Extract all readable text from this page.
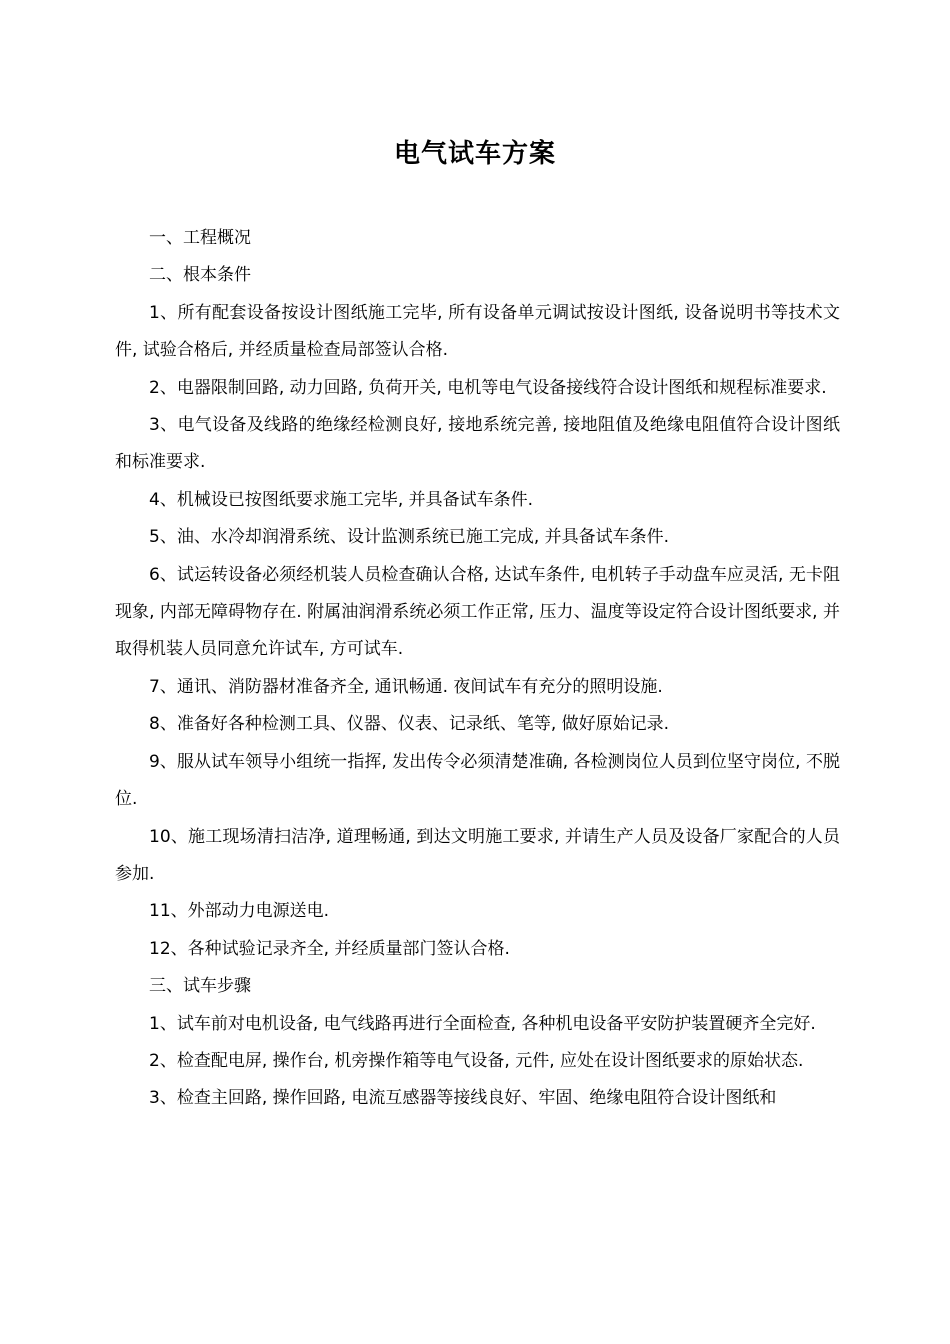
电气试车方案

一、工程概况

二、根本条件

1、所有配套设备按设计图纸施工完毕, 所有设备单元调试按设计图纸, 设备说明书等技术文件, 试验合格后, 并经质量检查局部签认合格.

2、电器限制回路, 动力回路, 负荷开关, 电机等电气设备接线符合设计图纸和规程标准要求.

3、电气设备及线路的绝缘经检测良好, 接地系统完善, 接地阻值及绝缘电阻值符合设计图纸和标准要求.

4、机械设已按图纸要求施工完毕, 并具备试车条件.

5、油、水冷却润滑系统、设计监测系统已施工完成, 并具备试车条件.

6、试运转设备必须经机装人员检查确认合格, 达试车条件, 电机转子手动盘车应灵活, 无卡阻现象, 内部无障碍物存在. 附属油润滑系统必须工作正常, 压力、温度等设定符合设计图纸要求, 并取得机装人员同意允许试车, 方可试车.

7、通讯、消防器材准备齐全, 通讯畅通. 夜间试车有充分的照明设施.

8、准备好各种检测工具、仪器、仪表、记录纸、笔等, 做好原始记录.

9、服从试车领导小组统一指挥, 发出传令必须清楚准确, 各检测岗位人员到位坚守岗位, 不脱位.

10、施工现场清扫洁净, 道理畅通, 到达文明施工要求, 并请生产人员及设备厂家配合的人员参加.

11、外部动力电源送电.

12、各种试验记录齐全, 并经质量部门签认合格.

三、试车步骤

1、试车前对电机设备, 电气线路再进行全面检查, 各种机电设备平安防护装置硬齐全完好.

2、检查配电屏, 操作台, 机旁操作箱等电气设备, 元件, 应处在设计图纸要求的原始状态.

3、检查主回路, 操作回路, 电流互感器等接线良好、牢固、绝缘电阻符合设计图纸和
